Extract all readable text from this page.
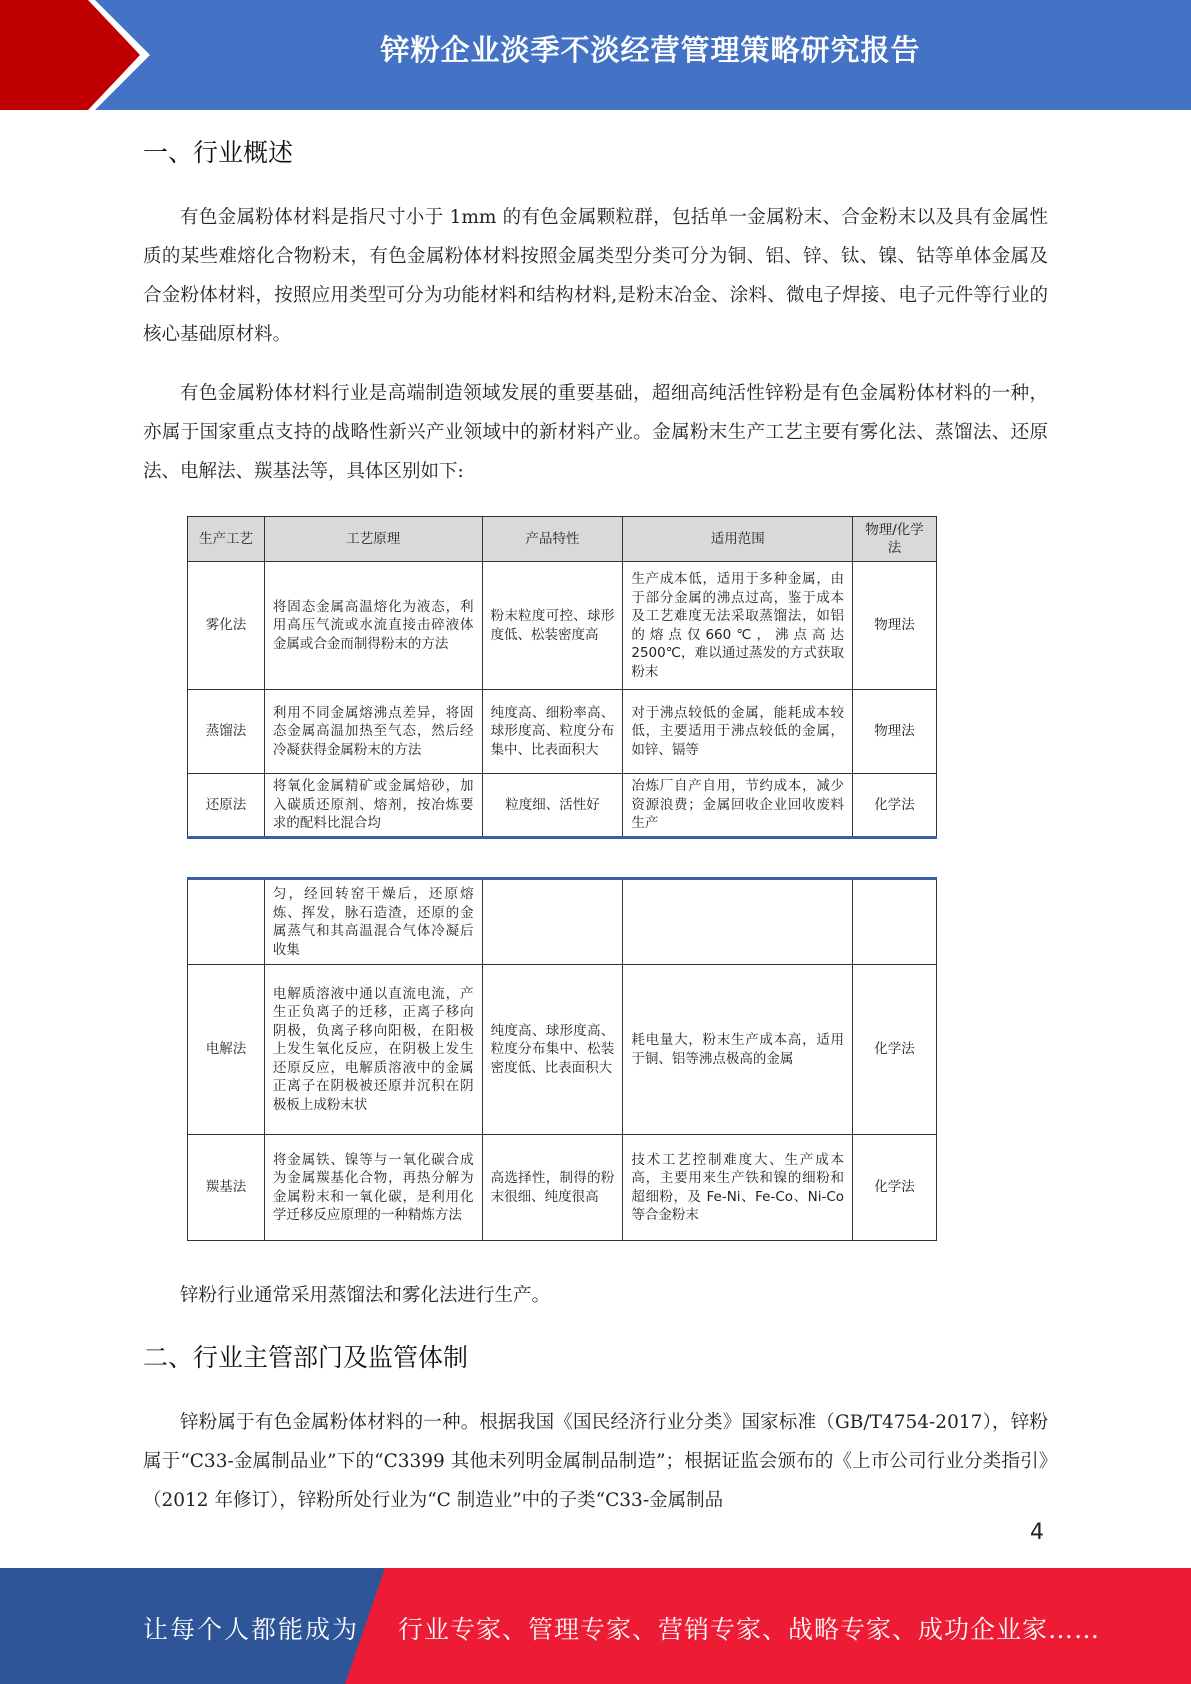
锌粉企业淡季不淡经营管理策略研究报告
一、行业概述

有色金属粉体材料是指尺寸小于 1mm 的有色金属颗粒群，包括单一金属粉末、合金粉末以及具有金属性质的某些难熔化合物粉末，有色金属粉体材料按照金属类型分类可分为铜、铝、锌、钛、镍、钴等单体金属及合金粉体材料，按照应用类型可分为功能材料和结构材料,是粉末冶金、涂料、微电子焊接、电子元件等行业的核心基础原材料。

有色金属粉体材料行业是高端制造领域发展的重要基础，超细高纯活性锌粉是有色金属粉体材料的一种，亦属于国家重点支持的战略性新兴产业领域中的新材料产业。金属粉末生产工艺主要有雾化法、蒸馏法、还原法、电解法、羰基法等，具体区别如下:

生产工艺	工艺原理	产品特性	适用范围	物理/化学法
雾化法	将固态金属高温熔化为液态，利用高压气流或水流直接击碎液体金属或合金而制得粉末的方法	粉末粒度可控、球形度低、松装密度高	生产成本低，适用于多种金属，由于部分金属的沸点过高，鉴于成本及工艺难度无法采取蒸馏法，如铝的熔点仅660℃，沸点高达 2500℃，难以通过蒸发的方式获取粉末	物理法
蒸馏法	利用不同金属熔沸点差异，将固态金属高温加热至气态，然后经冷凝获得金属粉末的方法	纯度高、细粉率高、球形度高、粒度分布集中、比表面积大	对于沸点较低的金属，能耗成本较低，主要适用于沸点较低的金属，如锌、镉等	物理法
还原法	将氧化金属精矿或金属焙砂，加入碳质还原剂、熔剂，按冶炼要求的配料比混合均	粒度细、活性好	冶炼厂自产自用，节约成本，减少资源浪费；金属回收企业回收废料生产	化学法
	匀，经回转窑干燥后，还原熔炼、挥发，脉石造渣，还原的金属蒸气和其高温混合气体冷凝后收集			
电解法	电解质溶液中通以直流电流，产生正负离子的迁移，正离子移向阴极，负离子移向阳极，在阳极上发生氧化反应，在阴极上发生还原反应，电解质溶液中的金属正离子在阴极被还原并沉积在阴极板上成粉末状	纯度高、球形度高、粒度分布集中、松装密度低、比表面积大	耗电量大，粉末生产成本高，适用于铜、铝等沸点极高的金属	化学法
羰基法	将金属铁、镍等与一氧化碳合成为金属羰基化合物，再热分解为金属粉末和一氧化碳，是利用化学迁移反应原理的一种精炼方法	高选择性，制得的粉末很细、纯度很高	技术工艺控制难度大、生产成本高，主要用来生产铁和镍的细粉和超细粉，及 Fe-Ni、Fe-Co、Ni-Co 等合金粉末	化学法

锌粉行业通常采用蒸馏法和雾化法进行生产。

二、行业主管部门及监管体制

锌粉属于有色金属粉体材料的一种。根据我国《国民经济行业分类》国家标准（GB/T4754-2017），锌粉属于“C33-金属制品业”下的“C3399 其他未列明金属制品制造”；根据证监会颁布的《上市公司行业分类指引》（2012 年修订），锌粉所处行业为“C 制造业”中的子类“C33-金属制品

4
让每个人都能成为 行业专家、管理专家、营销专家、战略专家、成功企业家……
